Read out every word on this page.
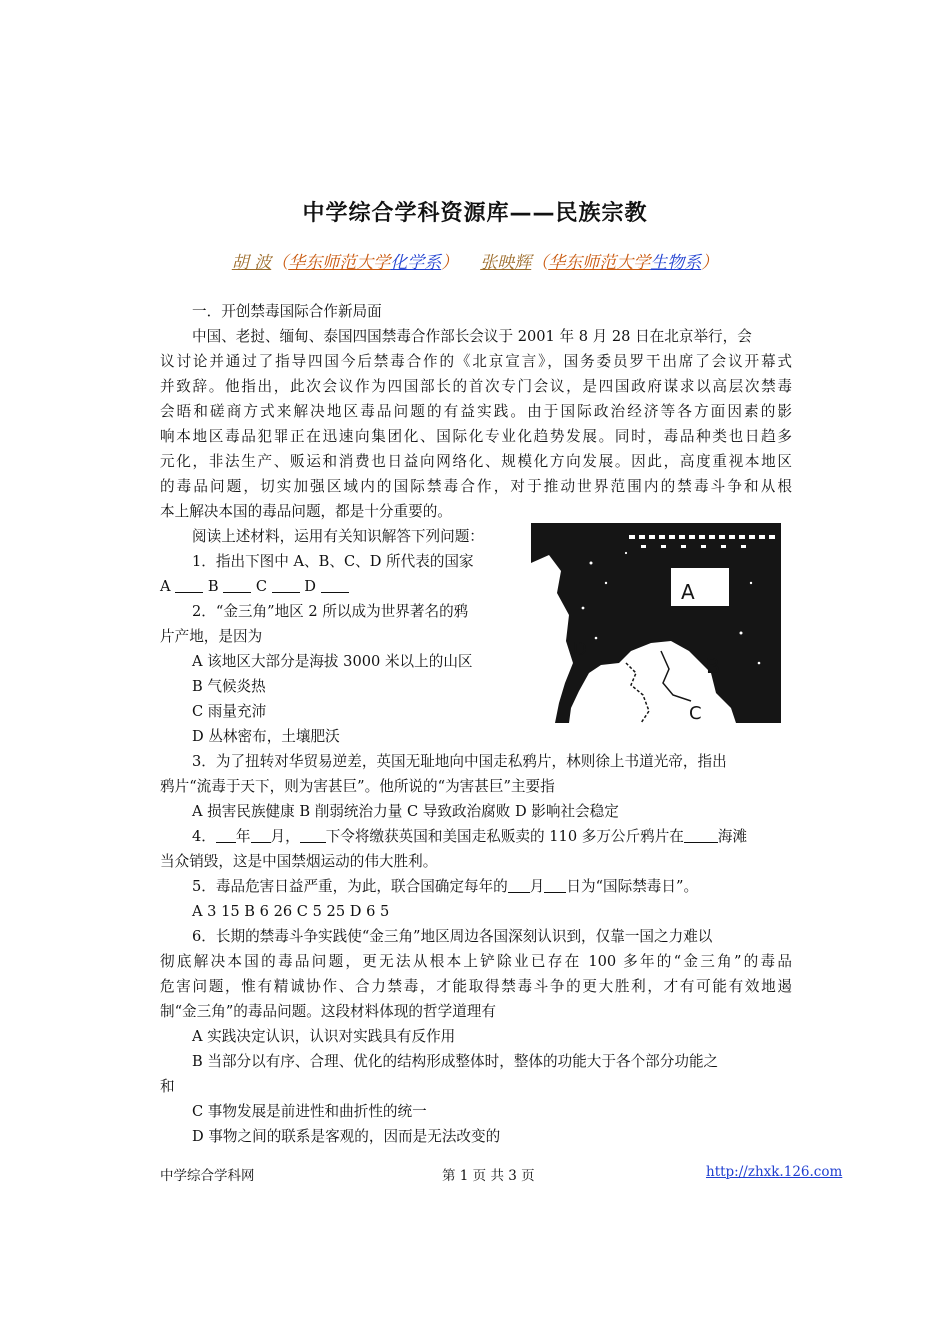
中学综合学科资源库——民族宗教
胡 波（华东师范大学化学系） 张映辉（华东师范大学生物系）
一．开创禁毒国际合作新局面
中国、老挝、缅甸、泰国四国禁毒合作部长会议于 2001 年 8 月 28 日在北京举行，会
议讨论并通过了指导四国今后禁毒合作的《北京宣言》，国务委员罗干出席了会议开幕式
并致辞。他指出，此次会议作为四国部长的首次专门会议，是四国政府谋求以高层次禁毒
会晤和磋商方式来解决地区毒品问题的有益实践。由于国际政治经济等各方面因素的影
响本地区毒品犯罪正在迅速向集团化、国际化专业化趋势发展。同时，毒品种类也日趋多
元化，非法生产、贩运和消费也日益向网络化、规模化方向发展。因此，高度重视本地区
的毒品问题，切实加强区域内的国际禁毒合作，对于推动世界范围内的禁毒斗争和从根
本上解决本国的毒品问题，都是十分重要的。
阅读上述材料，运用有关知识解答下列问题：
1．指出下图中 A、B、C、D 所代表的国家
A	B	C	D
2．“金三角”地区 2 所以成为世界著名的鸦
片产地，是因为
A 该地区大部分是海拔 3000 米以上的山区
B 气候炎热
C 雨量充沛
D 丛林密布，土壤肥沃
3．为了扭转对华贸易逆差，英国无耻地向中国走私鸦片，林则徐上书道光帝，指出
鸦片“流毒于天下，则为害甚巨”。他所说的“为害甚巨”主要指
A 损害民族健康 B 削弱统治力量 C 导致政治腐败 D 影响社会稳定
4． 年 月， 下令将缴获英国和美国走私贩卖的 110 多万公斤鸦片在 海滩
当众销毁，这是中国禁烟运动的伟大胜利。
5．毒品危害日益严重，为此，联合国确定每年的 月 日为“国际禁毒日”。
A 3 15 B 6 26 C 5 25 D 6 5
6．长期的禁毒斗争实践使“金三角”地区周边各国深刻认识到，仅靠一国之力难以
彻底解决本国的毒品问题，更无法从根本上铲除业已存在 100 多年的“金三角”的毒品
危害问题，惟有精诚协作、合力禁毒，才能取得禁毒斗争的更大胜利，才有可能有效地遏
制“金三角”的毒品问题。这段材料体现的哲学道理有
A 实践决定认识，认识对实践具有反作用
B 当部分以有序、合理、优化的结构形成整体时，整体的功能大于各个部分功能之
和
C 事物发展是前进性和曲折性的统一
D 事物之间的联系是客观的，因而是无法改变的
A
B
C
D
中学综合学科网	第 1 页 共 3 页	http://zhxk.126.com
